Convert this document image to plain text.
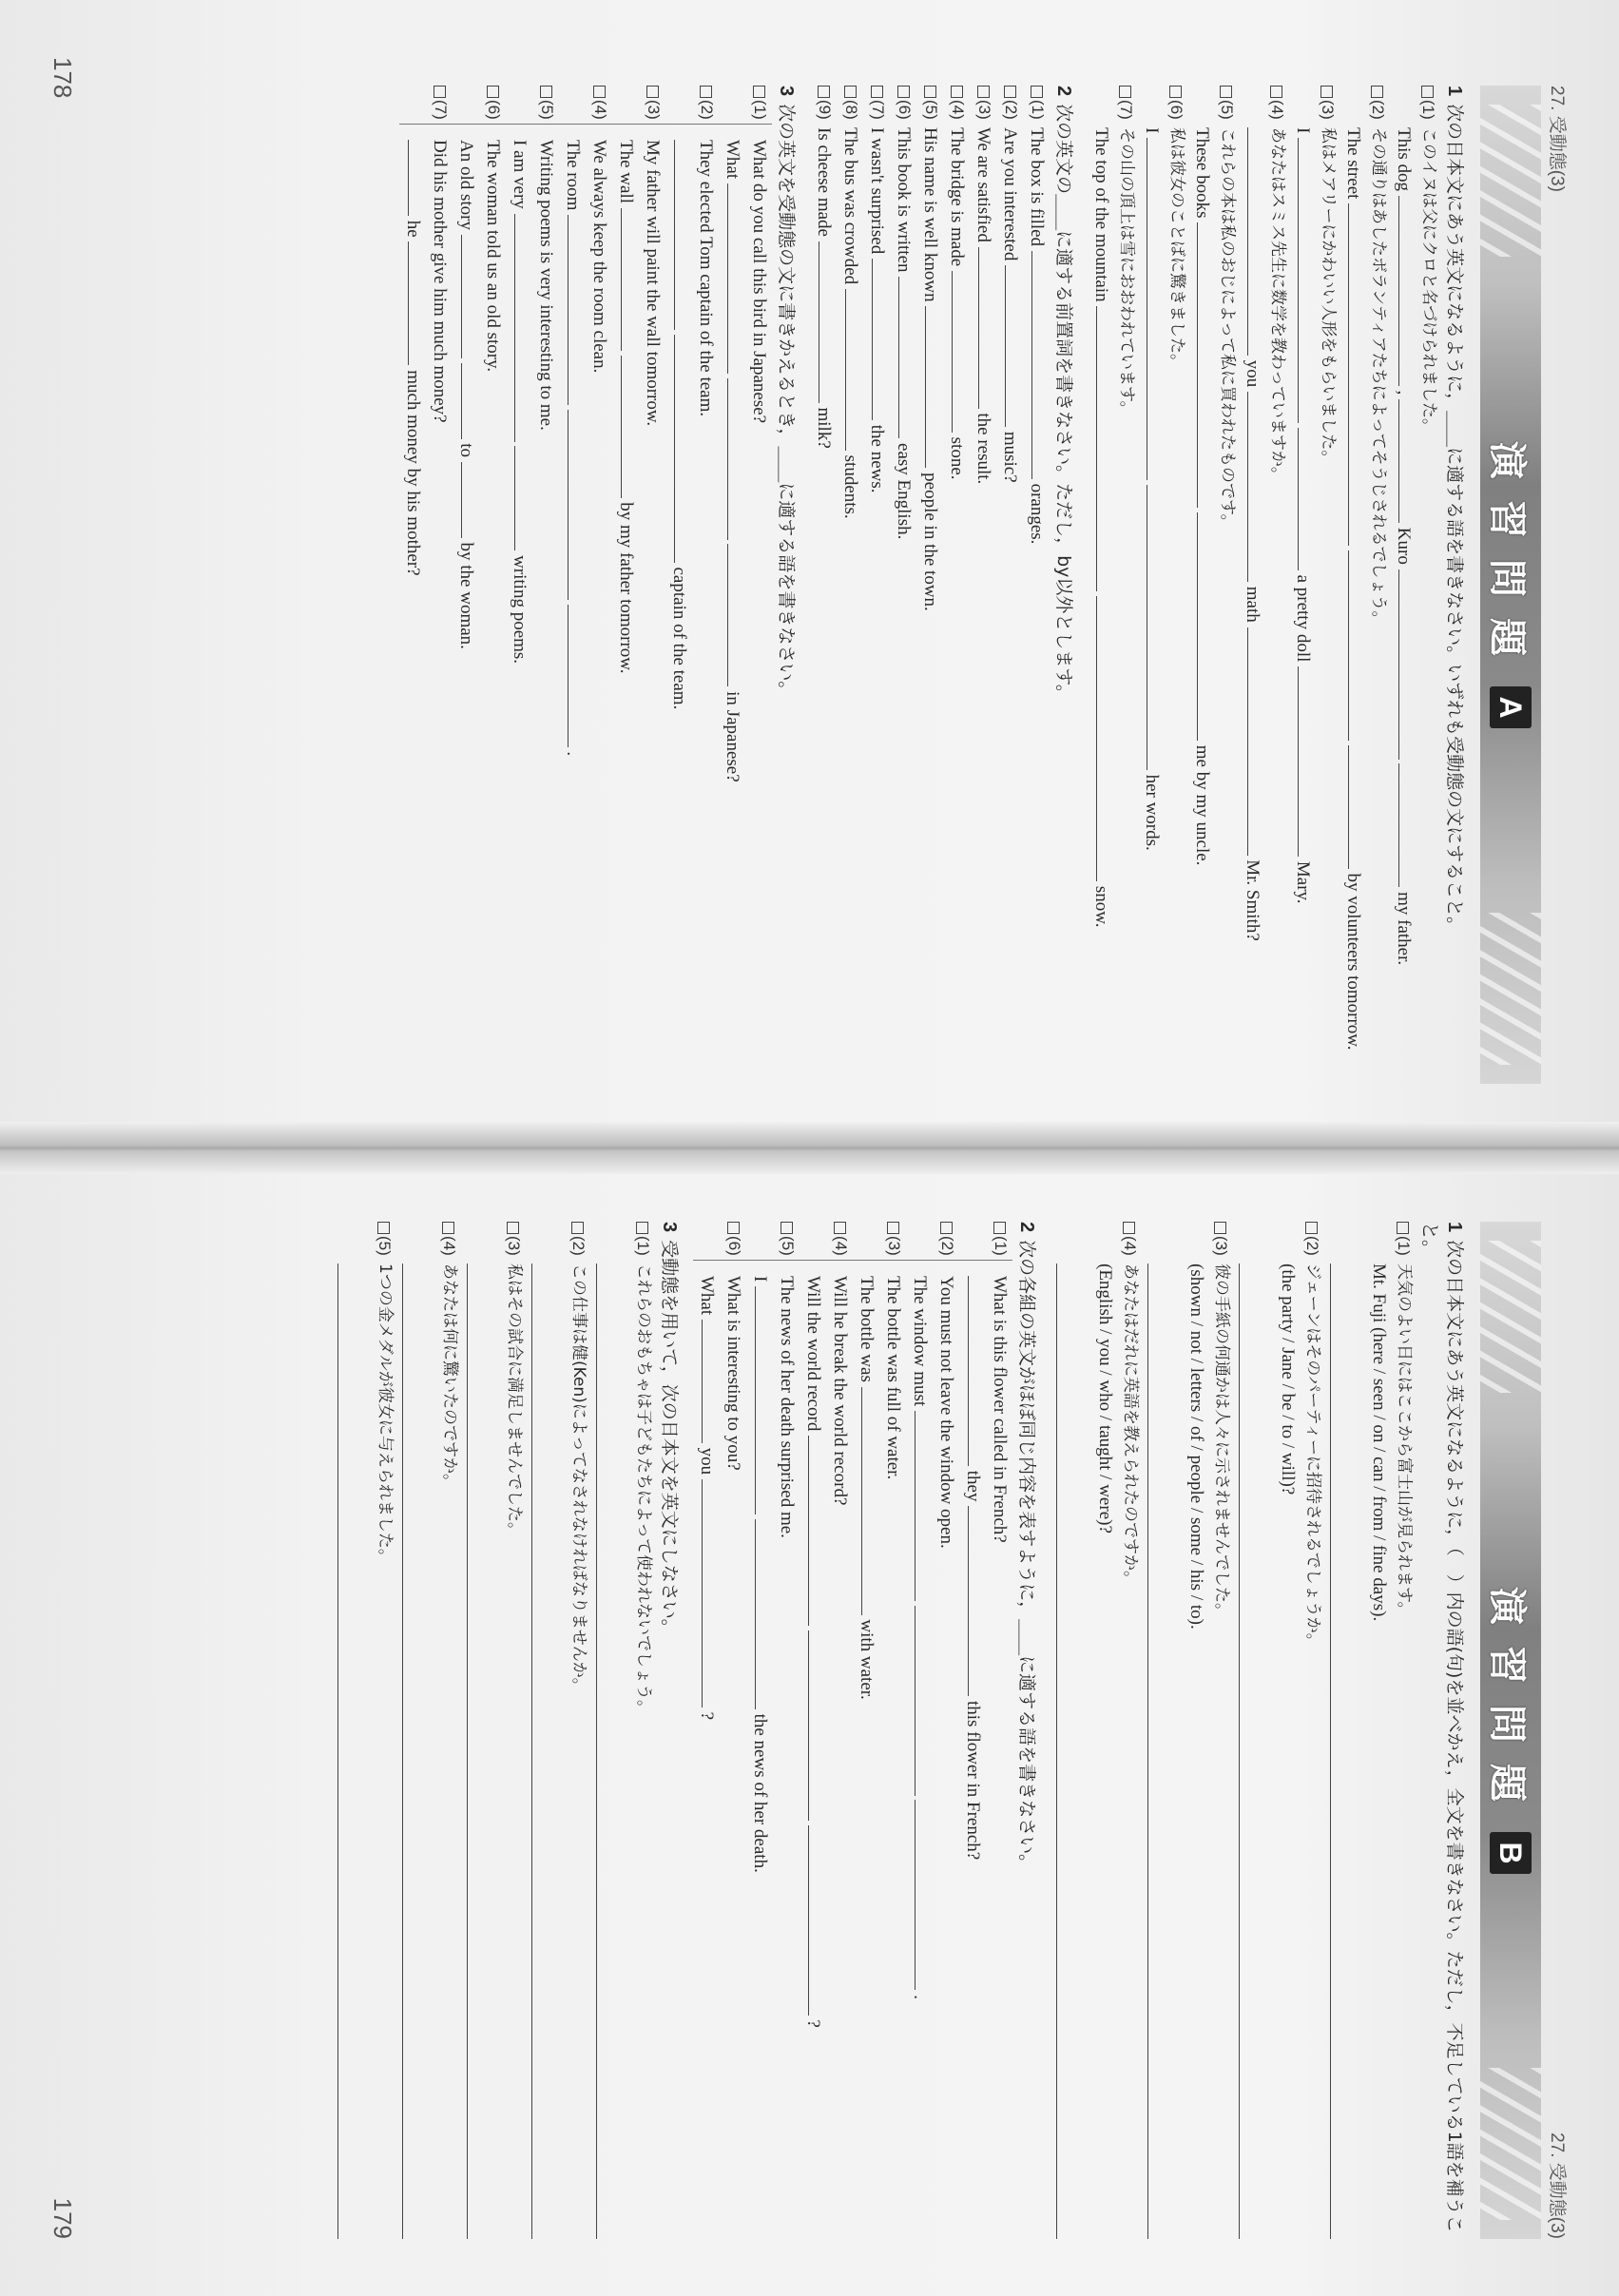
27. 受動態(3)
演習問題
A
1次の日本文にあう英文になるように，＿＿に適する語を書きなさい。いずれも受動態の文にすること。
(1)
このイヌは父にクロと名づけられました。
This dog  ,  Kuro   my father.
(2)
その通りはあしたボランティアたちによってそうじされるでしょう。
The street    by volunteers tomorrow.
(3)
私はメアリーにかわいい人形をもらいました。
I   a pretty doll  Mary.
(4)
あなたはスミス先生に数学を教わっていますか。
you  math  Mr. Smith?
(5)
これらの本は私のおじによって私に買われたものです。
These books   me by my uncle.
(6)
私は彼女のことばに驚きました。
I   her words.
(7)
その山の頂上は雪におおわれています。
The top of the mountain   snow.
2次の英文の＿＿に適する前置詞を書きなさい。ただし，by以外とします。
(1)
The box is filled  oranges.
(2)
Are you interested  music?
(3)
We are satisfied  the result.
(4)
The bridge is made  stone.
(5)
His name is well known  people in the town.
(6)
This book is written  easy English.
(7)
I wasn't surprised  the news.
(8)
The bus was crowded  students.
(9)
Is cheese made  milk?
3次の英文を受動態の文に書きかえるとき，＿＿に適する語を書きなさい。
(1)
What do you call this bird in Japanese?
What    in Japanese?
(2)
They elected Tom captain of the team.
captain of the team.
(3)
My father will paint the wall tomorrow.
The wall   by my father tomorrow.
(4)
We always keep the room clean.
The room    .
(5)
Writing poems is very interesting to me.
I am very   writing poems.
(6)
The woman told us an old story.
An old story   to  by the woman.
(7)
Did his mother give him much money?
he  much money by his mother?
178
27. 受動態(3)
演習問題
B
1次の日本文にあう英文になるように，（　）内の語(句)を並べかえ，全文を書きなさい。ただし，不足している1語を補うこと。
(1)
天気のよい日にはここから富士山が見られます。
Mt. Fuji (here / seen / on / can / from / fine days).
(2)
ジェーンはそのパーティーに招待されるでしょうか。
(the party / Jane / be / to / will)?
(3)
彼の手紙の何通かは人々に示されませんでした。
(shown / not / letters / of / people / some / his / to).
(4)
あなたはだれに英語を教えられたのですか。
(English / you / who / taught / were)?
2次の各組の英文がほぼ同じ内容を表すように，＿＿に適する語を書きなさい。
(1)
What is this flower called in French?
they  this flower in French?
(2)
You must not leave the window open.
The window must    .
(3)
The bottle was full of water.
The bottle was  with water.
(4)
Will he break the world record?
Will the world record    ?
(5)
The news of her death surprised me.
I   the news of her death.
(6)
What is interesting to you?
What  you  ?
3受動態を用いて，次の日本文を英文にしなさい。
(1)
これらのおもちゃは子どもたちによって使われないでしょう。
(2)
この仕事は健(Ken)によってなされなければなりませんか。
(3)
私はその試合に満足しませんでした。
(4)
あなたは何に驚いたのですか。
(5)
1つの金メダルが彼女に与えられました。
179
